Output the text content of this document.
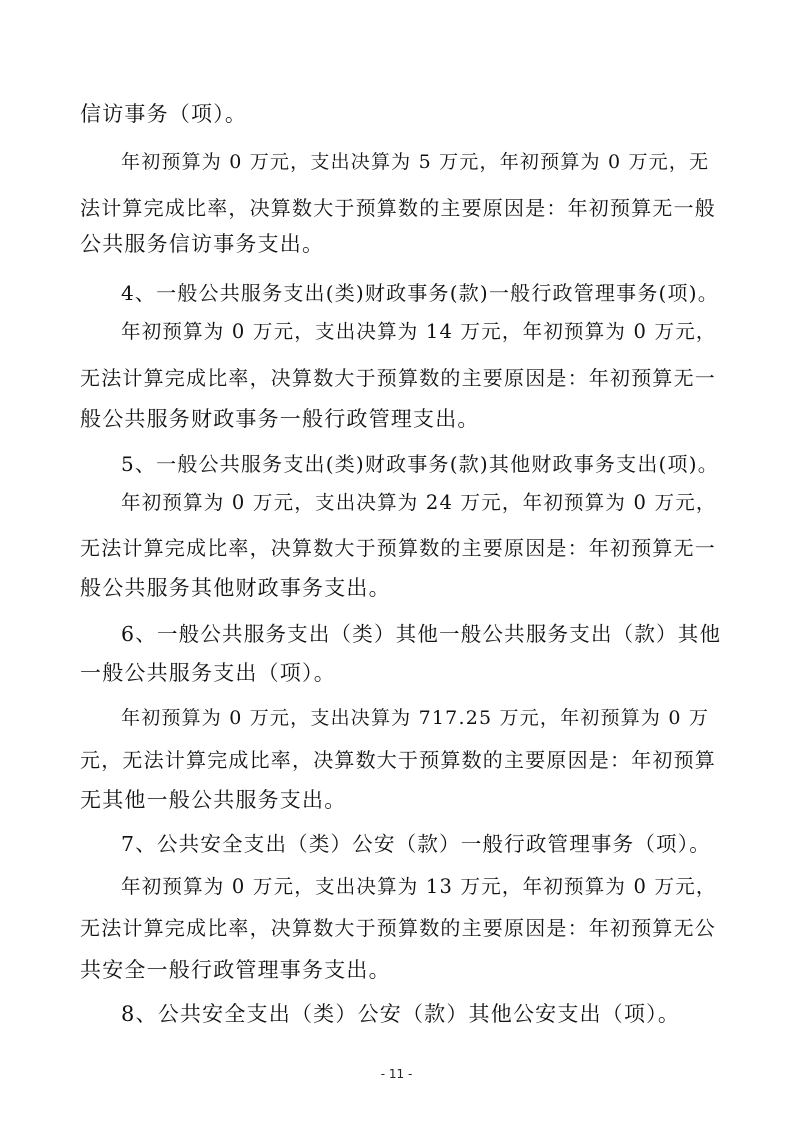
信访事务（项）。
年初预算为 0 万元，支出决算为 5 万元，年初预算为 0 万元，无
法计算完成比率，决算数大于预算数的主要原因是：年初预算无一般
公共服务信访事务支出。
4、一般公共服务支出(类)财政事务(款)一般行政管理事务(项)。
年初预算为 0 万元，支出决算为 14 万元，年初预算为 0 万元，
无法计算完成比率，决算数大于预算数的主要原因是：年初预算无一
般公共服务财政事务一般行政管理支出。
5、一般公共服务支出(类)财政事务(款)其他财政事务支出(项)。
年初预算为 0 万元，支出决算为 24 万元，年初预算为 0 万元，
无法计算完成比率，决算数大于预算数的主要原因是：年初预算无一
般公共服务其他财政事务支出。
6、一般公共服务支出（类）其他一般公共服务支出（款）其他
一般公共服务支出（项）。
年初预算为 0 万元，支出决算为 717.25 万元，年初预算为 0 万
元，无法计算完成比率，决算数大于预算数的主要原因是：年初预算
无其他一般公共服务支出。
7、公共安全支出（类）公安（款）一般行政管理事务（项）。
年初预算为 0 万元，支出决算为 13 万元，年初预算为 0 万元，
无法计算完成比率，决算数大于预算数的主要原因是：年初预算无公
共安全一般行政管理事务支出。
8、公共安全支出（类）公安（款）其他公安支出（项）。
- 11 -
